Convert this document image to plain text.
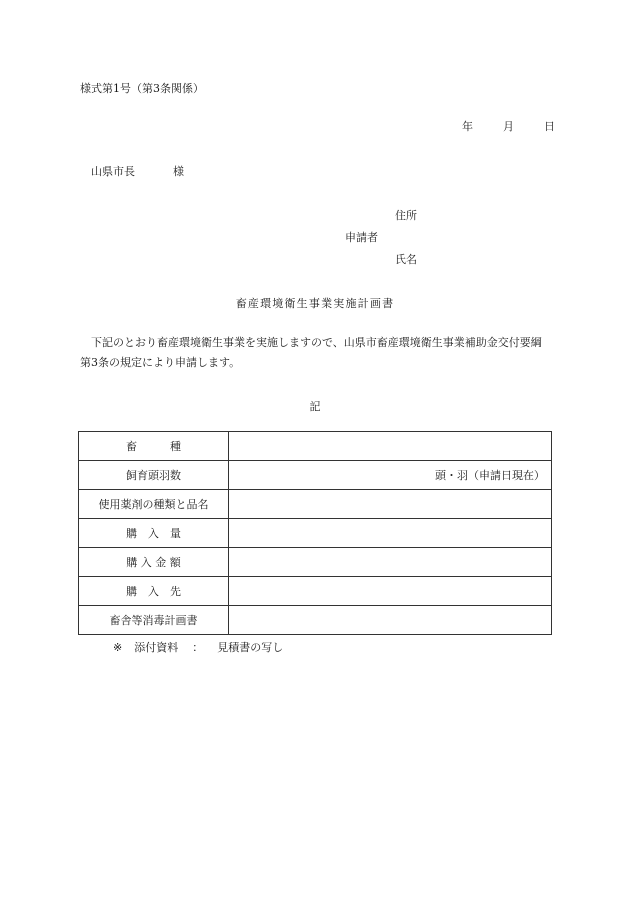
様式第1号（第3条関係）
年	月	日
山県市長	様
住所
申請者
氏名
畜産環境衛生事業実施計画書
下記のとおり畜産環境衛生事業を実施しますので、山県市畜産環境衛生事業補助金交付要綱第3条の規定により申請します。
記
畜　　　種	
飼育頭羽数	頭・羽（申請日現在）
使用薬剤の種類と品名	
購　入　量	
購 入 金 額	
購　入　先	
畜舎等消毒計画書	
※ 添付資料 ： 見積書の写し
